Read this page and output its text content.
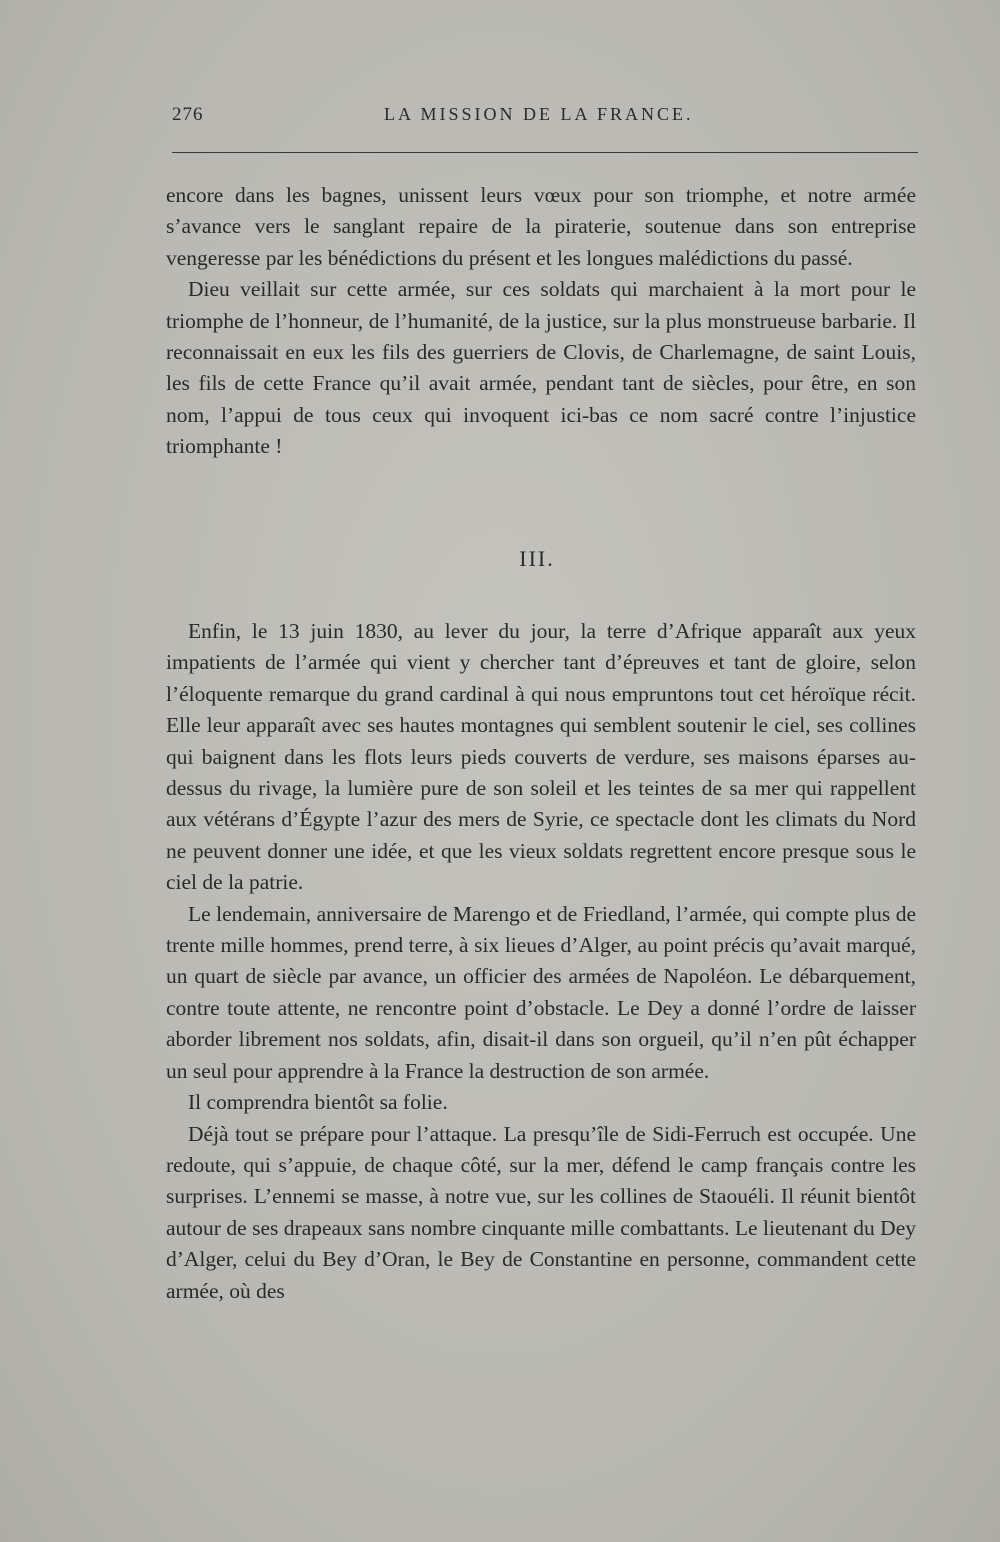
276	LA MISSION DE LA FRANCE.

encore dans les bagnes, unissent leurs vœux pour son triomphe, et notre armée s’avance vers le sanglant repaire de la piraterie, soutenue dans son entreprise vengeresse par les bénédictions du présent et les longues malédictions du passé.

Dieu veillait sur cette armée, sur ces soldats qui marchaient à la mort pour le triomphe de l’honneur, de l’humanité, de la justice, sur la plus monstrueuse barbarie. Il reconnaissait en eux les fils des guerriers de Clovis, de Charlemagne, de saint Louis, les fils de cette France qu’il avait armée, pendant tant de siècles, pour être, en son nom, l’appui de tous ceux qui invoquent ici-bas ce nom sacré contre l’injustice triomphante !

III.

Enfin, le 13 juin 1830, au lever du jour, la terre d’Afrique apparaît aux yeux impatients de l’armée qui vient y chercher tant d’épreuves et tant de gloire, selon l’éloquente remarque du grand cardinal à qui nous empruntons tout cet héroïque récit. Elle leur apparaît avec ses hautes montagnes qui semblent soutenir le ciel, ses collines qui baignent dans les flots leurs pieds couverts de verdure, ses maisons éparses au-dessus du rivage, la lumière pure de son soleil et les teintes de sa mer qui rappellent aux vétérans d’Égypte l’azur des mers de Syrie, ce spectacle dont les climats du Nord ne peuvent donner une idée, et que les vieux soldats regrettent encore presque sous le ciel de la patrie.

Le lendemain, anniversaire de Marengo et de Friedland, l’armée, qui compte plus de trente mille hommes, prend terre, à six lieues d’Alger, au point précis qu’avait marqué, un quart de siècle par avance, un officier des armées de Napoléon. Le débarquement, contre toute attente, ne rencontre point d’obstacle. Le Dey a donné l’ordre de laisser aborder librement nos soldats, afin, disait-il dans son orgueil, qu’il n’en pût échapper un seul pour apprendre à la France la destruction de son armée.

Il comprendra bientôt sa folie.

Déjà tout se prépare pour l’attaque. La presqu’île de Sidi-Ferruch est occupée. Une redoute, qui s’appuie, de chaque côté, sur la mer, défend le camp français contre les surprises. L’ennemi se masse, à notre vue, sur les collines de Staouéli. Il réunit bientôt autour de ses drapeaux sans nombre cinquante mille combattants. Le lieutenant du Dey d’Alger, celui du Bey d’Oran, le Bey de Constantine en personne, commandent cette armée, où des
